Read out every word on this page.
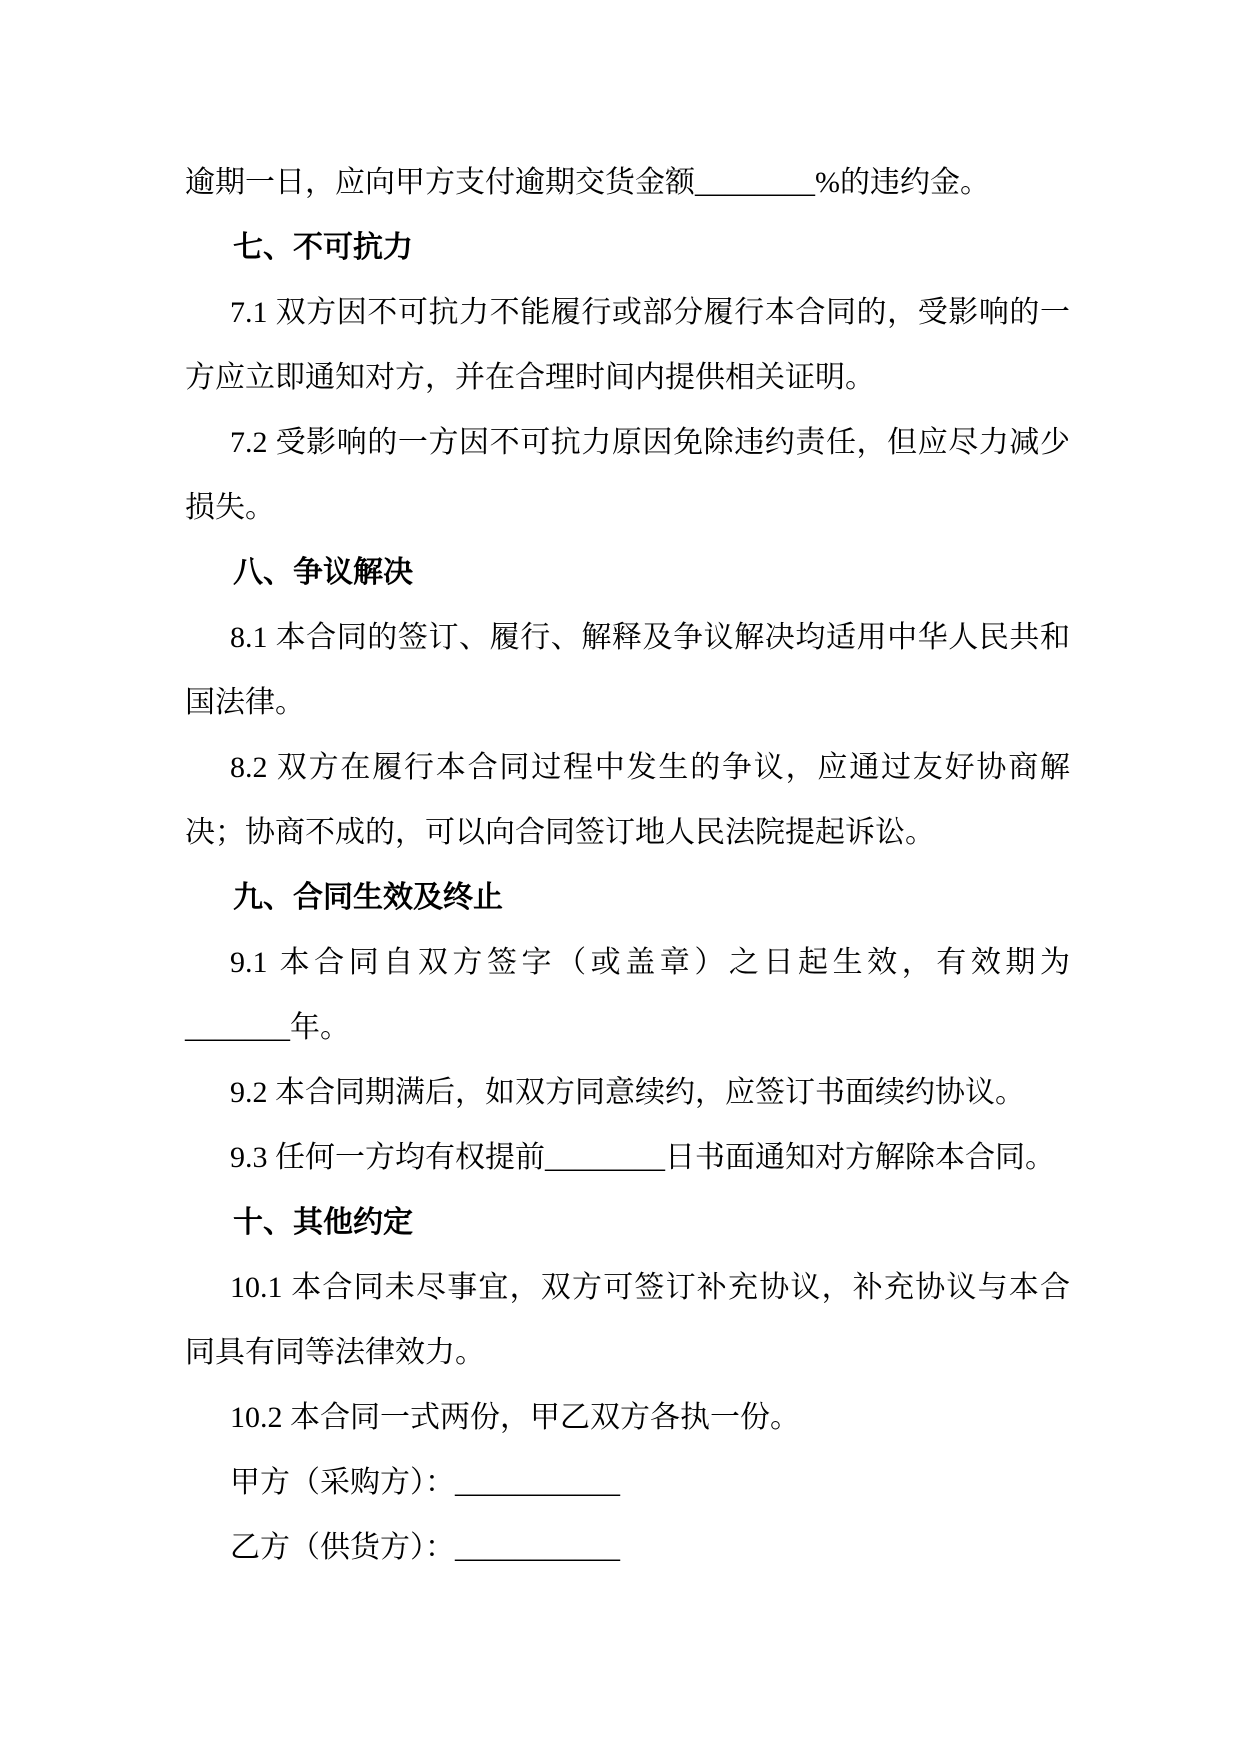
逾期一日，应向甲方支付逾期交货金额________%的违约金。
七、不可抗力
7.1 双方因不可抗力不能履行或部分履行本合同的，受影响的一
方应立即通知对方，并在合理时间内提供相关证明。
7.2 受影响的一方因不可抗力原因免除违约责任，但应尽力减少
损失。
八、争议解决
8.1 本合同的签订、履行、解释及争议解决均适用中华人民共和
国法律。
8.2 双方在履行本合同过程中发生的争议，应通过友好协商解
决；协商不成的，可以向合同签订地人民法院提起诉讼。
九、合同生效及终止
9.1 本合同自双方签字（或盖章）之日起生效，有效期为
_______年。
9.2 本合同期满后，如双方同意续约，应签订书面续约协议。
9.3 任何一方均有权提前________日书面通知对方解除本合同。
十、其他约定
10.1 本合同未尽事宜，双方可签订补充协议，补充协议与本合
同具有同等法律效力。
10.2 本合同一式两份，甲乙双方各执一份。
甲方（采购方）：___________
乙方（供货方）：___________
